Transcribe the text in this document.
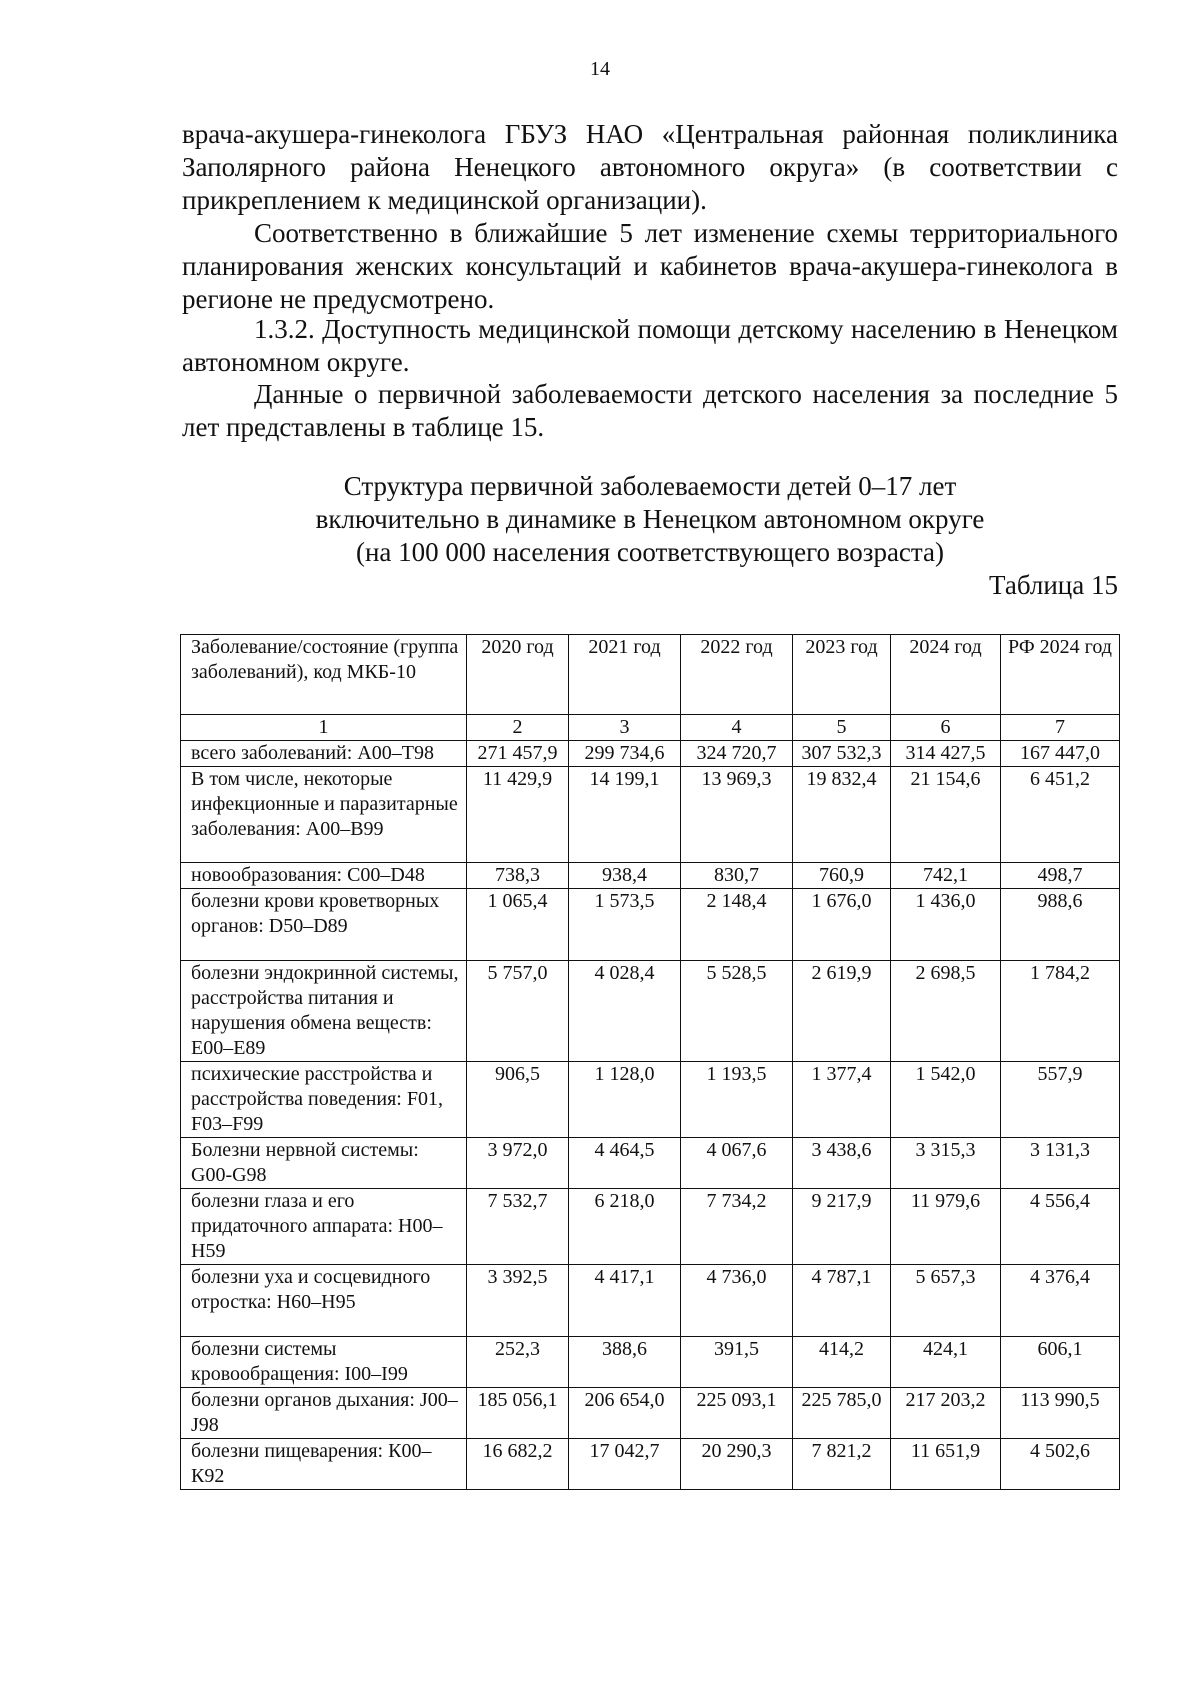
14

врача-акушера-гинеколога ГБУЗ НАО «Центральная районная поликлиника Заполярного района Ненецкого автономного округа» (в соответствии с прикреплением к медицинской организации).

Соответственно в ближайшие 5 лет изменение схемы территориального планирования женских консультаций и кабинетов врача-акушера-гинеколога в регионе не предусмотрено.

1.3.2. Доступность медицинской помощи детскому населению в Ненецком автономном округе.

Данные о первичной заболеваемости детского населения за последние 5 лет представлены в таблице 15.

Структура первичной заболеваемости детей 0–17 лет
включительно в динамике в Ненецком автономном округе
(на 100 000 населения соответствующего возраста)
Таблица 15
Заболевание/состояние (группа заболеваний), код МКБ-10	2020 год	2021 год	2022 год	2023 год	2024 год	РФ 2024 год
1	2	3	4	5	6	7
всего заболеваний: А00–Т98	271 457,9	299 734,6	324 720,7	307 532,3	314 427,5	167 447,0
В том числе, некоторые инфекционные и паразитарные заболевания: А00–В99	11 429,9	14 199,1	13 969,3	19 832,4	21 154,6	6 451,2
новообразования: С00–D48	738,3	938,4	830,7	760,9	742,1	498,7
болезни крови кроветворных органов: D50–D89	1 065,4	1 573,5	2 148,4	1 676,0	1 436,0	988,6
болезни эндокринной системы, расстройства питания и нарушения обмена веществ: Е00–Е89	5 757,0	4 028,4	5 528,5	2 619,9	2 698,5	1 784,2
психические расстройства и расстройства поведения: F01, F03–F99	906,5	1 128,0	1 193,5	1 377,4	1 542,0	557,9
Болезни нервной системы: G00-G98	3 972,0	4 464,5	4 067,6	3 438,6	3 315,3	3 131,3
болезни глаза и его придаточного аппарата: Н00–Н59	7 532,7	6 218,0	7 734,2	9 217,9	11 979,6	4 556,4
болезни уха и сосцевидного отростка: Н60–Н95	3 392,5	4 417,1	4 736,0	4 787,1	5 657,3	4 376,4
болезни системы кровообращения: I00–I99	252,3	388,6	391,5	414,2	424,1	606,1
болезни органов дыхания: J00–J98	185 056,1	206 654,0	225 093,1	225 785,0	217 203,2	113 990,5
болезни пищеварения: К00–К92	16 682,2	17 042,7	20 290,3	7 821,2	11 651,9	4 502,6
